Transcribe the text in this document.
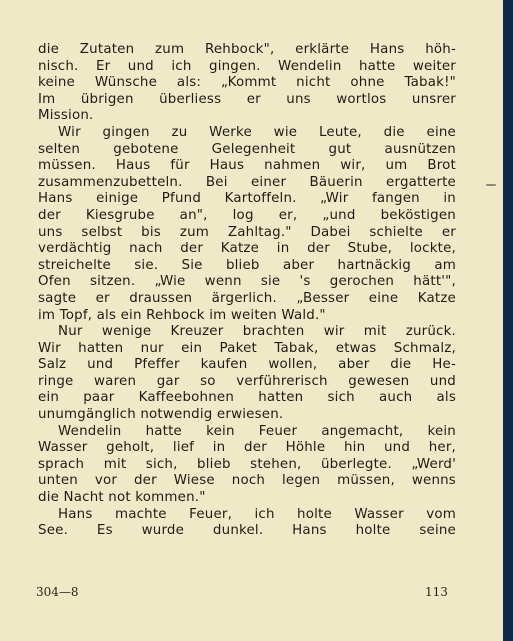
die Zutaten zum Rehbock", erklärte Hans höh-
nisch. Er und ich gingen. Wendelin hatte weiter
keine Wünsche als: „Kommt nicht ohne Tabak!"
Im übrigen überliess er uns wortlos unsrer
Mission.
Wir gingen zu Werke wie Leute, die eine
selten gebotene Gelegenheit gut ausnützen
müssen. Haus für Haus nahmen wir, um Brot
zusammenzubetteln. Bei einer Bäuerin ergatterte
Hans einige Pfund Kartoffeln. „Wir fangen in
der Kiesgrube an", log er, „und beköstigen
uns selbst bis zum Zahltag." Dabei schielte er
verdächtig nach der Katze in der Stube, lockte,
streichelte sie. Sie blieb aber hartnäckig am
Ofen sitzen. „Wie wenn sie 's gerochen hätt'",
sagte er draussen ärgerlich. „Besser eine Katze
im Topf, als ein Rehbock im weiten Wald."
Nur wenige Kreuzer brachten wir mit zurück.
Wir hatten nur ein Paket Tabak, etwas Schmalz,
Salz und Pfeffer kaufen wollen, aber die He-
ringe waren gar so verführerisch gewesen und
ein paar Kaffeebohnen hatten sich auch als
unumgänglich notwendig erwiesen.
Wendelin hatte kein Feuer angemacht, kein
Wasser geholt, lief in der Höhle hin und her,
sprach mit sich, blieb stehen, überlegte. „Werd'
unten vor der Wiese noch legen müssen, wenns
die Nacht not kommen."
Hans machte Feuer, ich holte Wasser vom
See. Es wurde dunkel. Hans holte seine
304—8	113
